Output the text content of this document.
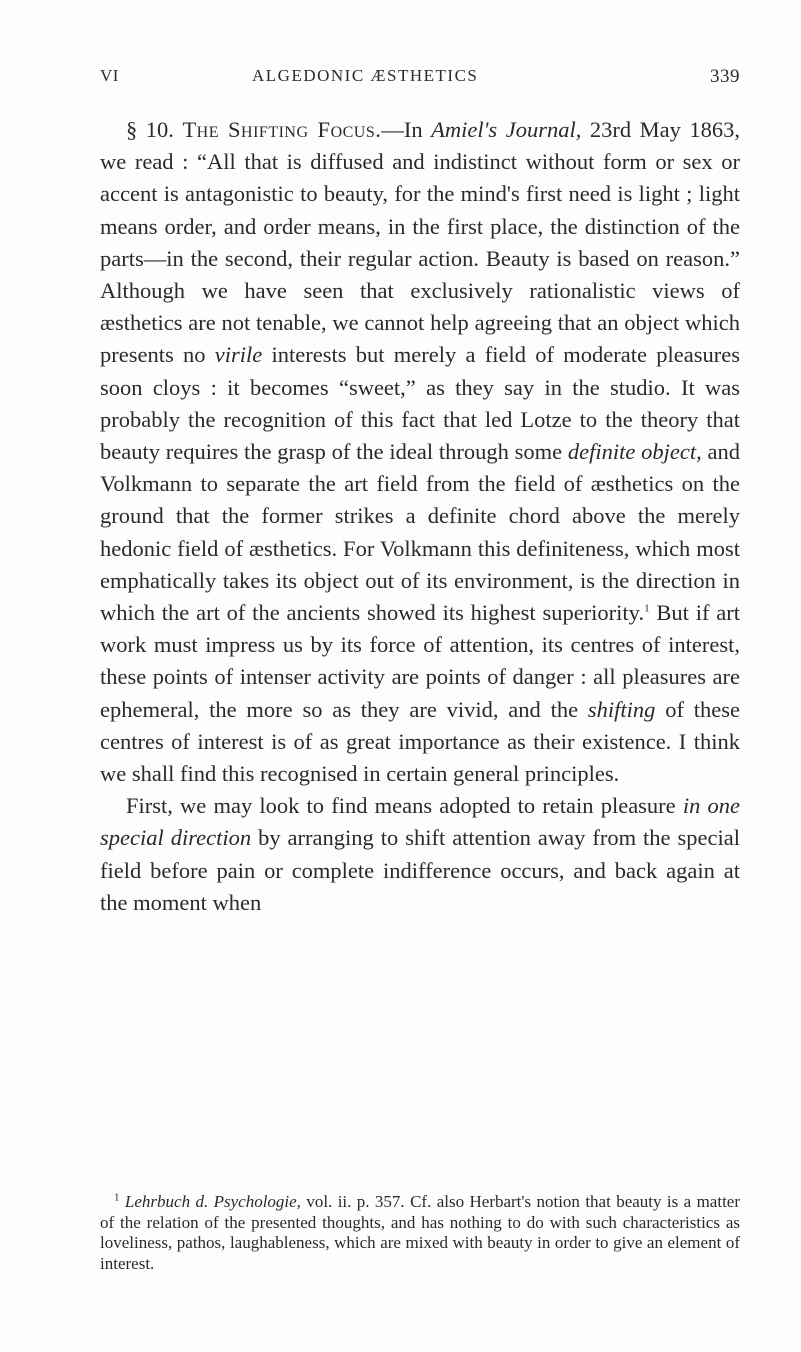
VI	ALGEDONIC ÆSTHETICS	339

§ 10. The Shifting Focus.—In Amiel's Journal, 23rd May 1863, we read : “All that is diffused and indistinct without form or sex or accent is antagonistic to beauty, for the mind's first need is light ; light means order, and order means, in the first place, the distinction of the parts—in the second, their regular action. Beauty is based on reason.” Although we have seen that exclusively rationalistic views of æsthetics are not tenable, we cannot help agreeing that an object which presents no virile interests but merely a field of moderate pleasures soon cloys : it becomes “sweet,” as they say in the studio. It was probably the recognition of this fact that led Lotze to the theory that beauty requires the grasp of the ideal through some definite object, and Volkmann to separate the art field from the field of æsthetics on the ground that the former strikes a definite chord above the merely hedonic field of æsthetics. For Volkmann this definiteness, which most emphatically takes its object out of its environment, is the direction in which the art of the ancients showed its highest superiority.$^1$ But if art work must impress us by its force of attention, its centres of interest, these points of intenser activity are points of danger : all pleasures are ephemeral, the more so as they are vivid, and the shifting of these centres of interest is of as great importance as their existence. I think we shall find this recognised in certain general principles.

First, we may look to find means adopted to retain pleasure in one special direction by arranging to shift attention away from the special field before pain or complete indifference occurs, and back again at the moment when

$^1$ Lehrbuch d. Psychologie, vol. ii. p. 357. Cf. also Herbart's notion that beauty is a matter of the relation of the presented thoughts, and has nothing to do with such characteristics as loveliness, pathos, laughableness, which are mixed with beauty in order to give an element of interest.
